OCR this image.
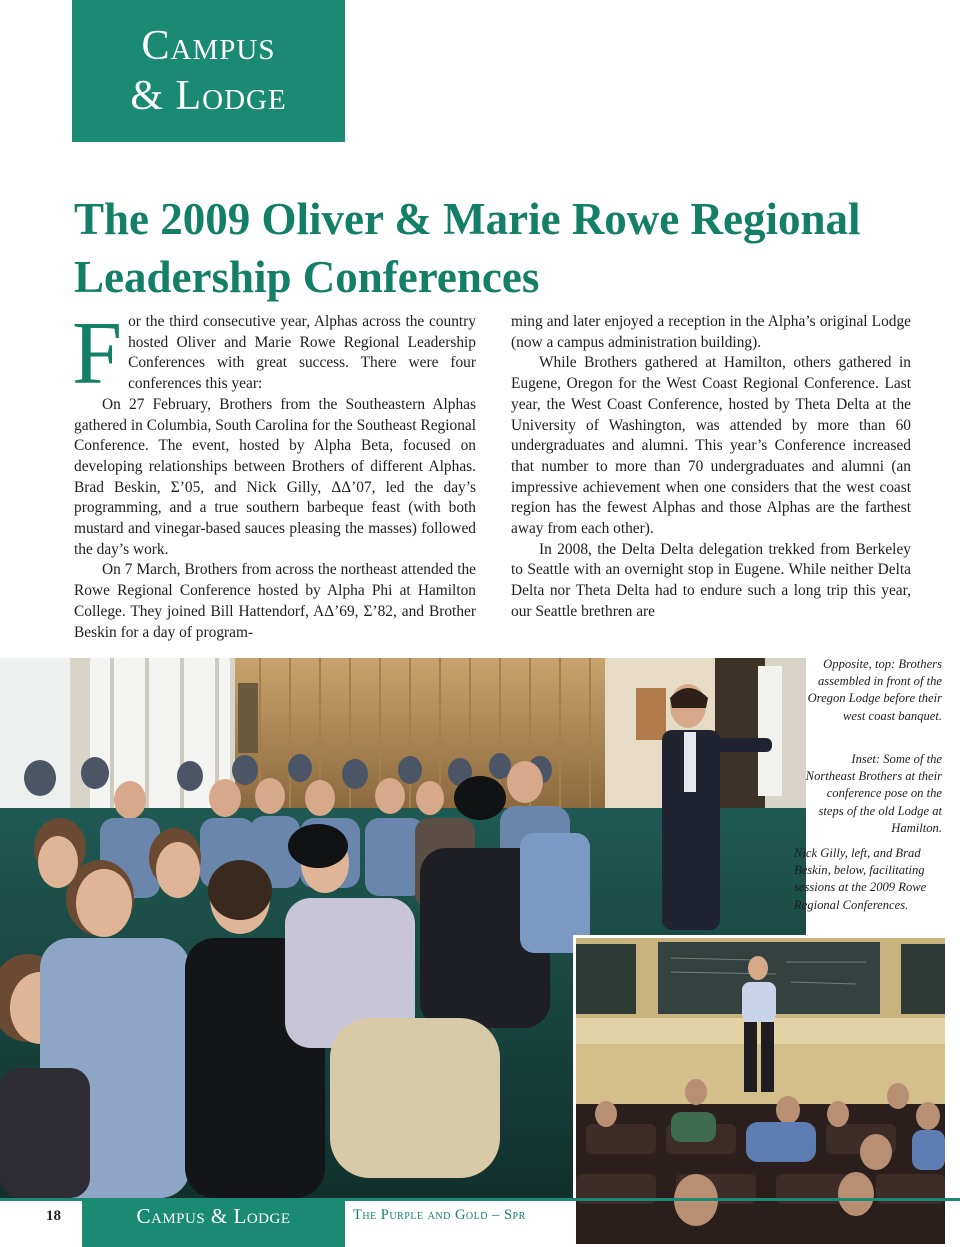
Campus
& Lodge
The 2009 Oliver & Marie Rowe Regional Leadership Conferences

For the third consecutive year, Alphas across the country hosted Oliver and Marie Rowe Regional Leadership Conferences with great success. There were four conferences this year:

On 27 February, Brothers from the Southeastern Alphas gathered in Columbia, South Carolina for the Southeast Regional Conference. The event, hosted by Alpha Beta, focused on developing relationships between Brothers of different Alphas. Brad Beskin, Σ’05, and Nick Gilly, ΔΔ’07, led the day’s programming, and a true southern barbeque feast (with both mustard and vinegar-based sauces pleasing the masses) followed the day’s work.

On 7 March, Brothers from across the northeast attended the Rowe Regional Conference hosted by Alpha Phi at Hamilton College. They joined Bill Hattendorf, AΔ’69, Σ’82, and Brother Beskin for a day of program-

ming and later enjoyed a reception in the Alpha’s original Lodge (now a campus administration building).

While Brothers gathered at Hamilton, others gathered in Eugene, Oregon for the West Coast Regional Conference. Last year, the West Coast Conference, hosted by Theta Delta at the University of Washington, was attended by more than 60 undergraduates and alumni. This year’s Conference increased that number to more than 70 undergraduates and alumni (an impressive achievement when one considers that the west coast region has the fewest Alphas and those Alphas are the farthest away from each other).

In 2008, the Delta Delta delegation trekked from Berkeley to Seattle with an overnight stop in Eugene. While neither Delta Delta nor Theta Delta had to endure such a long trip this year, our Seattle brethren are

Opposite, top: Brothers assembled in front of the Oregon Lodge before their west coast banquet.

Inset: Some of the Northeast Brothers at their conference pose on the steps of the old Lodge at Hamilton.

Nick Gilly, left, and Brad Beskin, below, facilitating sessions at the 2009 Rowe Regional Conferences.

18	Campus & Lodge	The Purple and Gold – Spr
